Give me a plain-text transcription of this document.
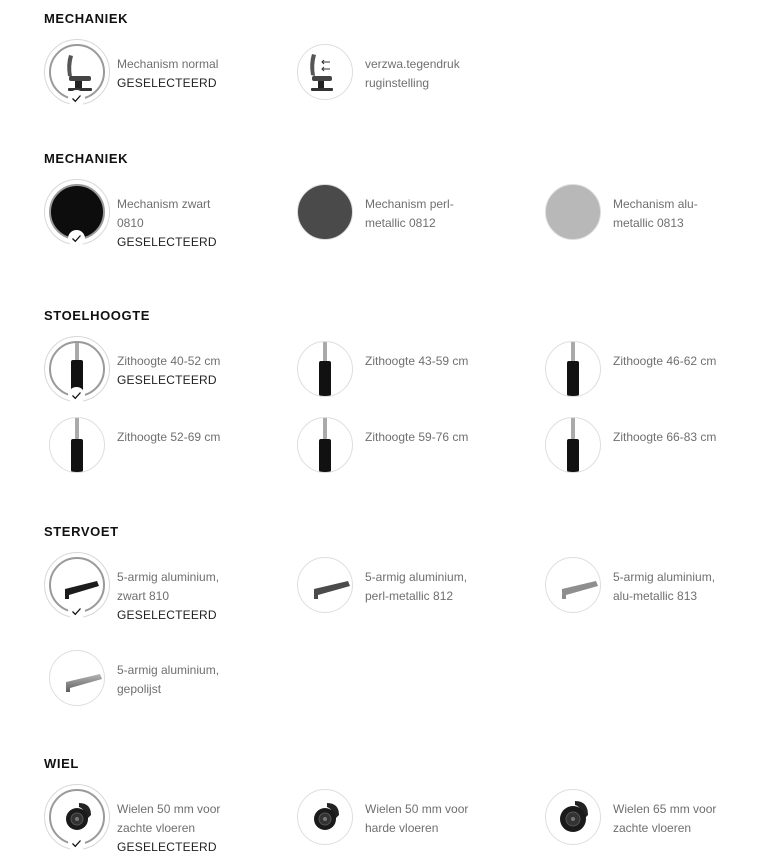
MECHANIEK
MECHANIEK
STOELHOOGTE
STERVOET
WIEL
Mechanism normal
GESELECTEERD
verzwa.tegendruk
ruginstelling
Mechanism zwart
0810
GESELECTEERD
Mechanism perl-
metallic 0812
Mechanism alu-
metallic 0813
Zithoogte 40-52 cm
GESELECTEERD
Zithoogte 43-59 cm	Zithoogte 46-62 cm
Zithoogte 52-69 cm	Zithoogte 59-76 cm	Zithoogte 66-83 cm
5-armig aluminium,
zwart 810
GESELECTEERD
5-armig aluminium,
perl-metallic 812
5-armig aluminium,
alu-metallic 813
5-armig aluminium,
gepolijst
Wielen 50 mm voor
zachte vloeren
GESELECTEERD
Wielen 50 mm voor
harde vloeren
Wielen 65 mm voor
zachte vloeren
